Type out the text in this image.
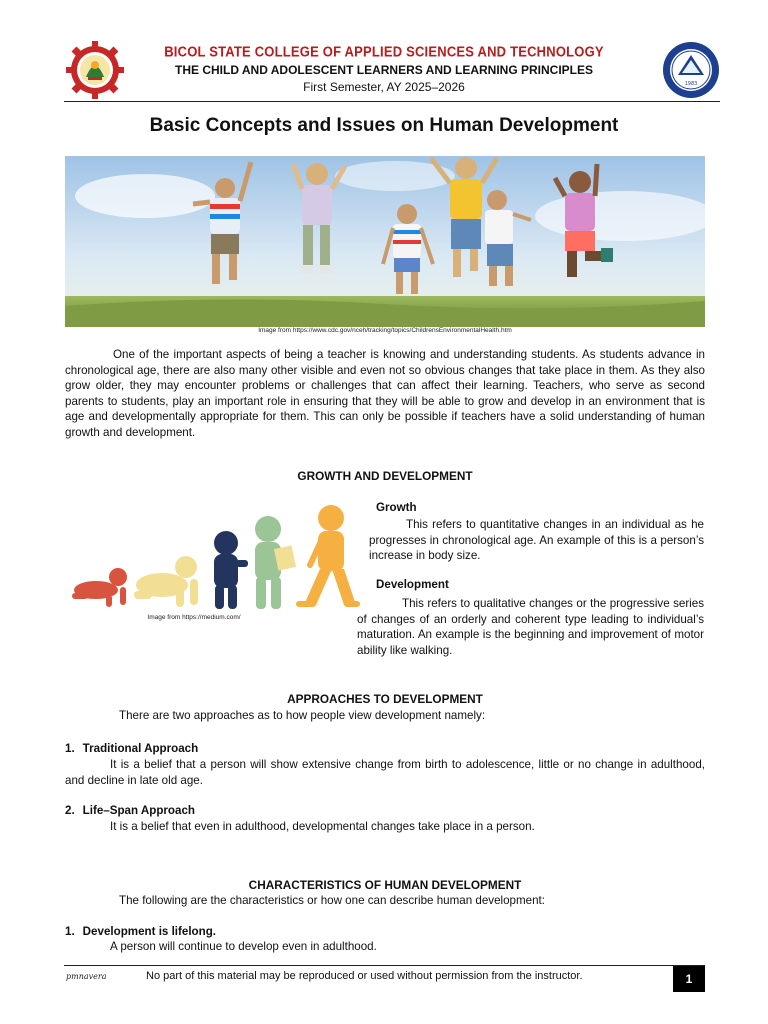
BICOL STATE COLLEGE OF APPLIED SCIENCES AND TECHNOLOGY
THE CHILD AND ADOLESCENT LEARNERS AND LEARNING PRINCIPLES
First Semester, AY 2025–2026	1983
Basic Concepts and Issues on Human Development
Image from https://www.cdc.gov/nceh/tracking/topics/ChildrensEnvironmentalHealth.htm
One of the important aspects of being a teacher is knowing and understanding students. As students advance in chronological age, there are also many other visible and even not so obvious changes that take place in them. As they also grow older, they may encounter problems or challenges that can affect their learning. Teachers, who serve as second parents to students, play an important role in ensuring that they will be able to grow and develop in an environment that is age and developmentally appropriate for them. This can only be possible if teachers have a solid understanding of human growth and development.
GROWTH AND DEVELOPMENT
Image from https://medium.com/
Growth
This refers to quantitative changes in an individual as he progresses in chronological age. An example of this is a person’s increase in body size.
Development
This refers to qualitative changes or the progressive series of changes of an orderly and coherent type leading to individual’s maturation. An example is the beginning and improvement of motor ability like walking.
APPROACHES TO DEVELOPMENT
There are two approaches as to how people view development namely:
1. Traditional Approach
It is a belief that a person will show extensive change from birth to adolescence, little or no change in adulthood, and decline in late old age.
2. Life–Span Approach
It is a belief that even in adulthood, developmental changes take place in a person.
CHARACTERISTICS OF HUMAN DEVELOPMENT
The following are the characteristics or how one can describe human development:
1. Development is lifelong.
A person will continue to develop even in adulthood.
pmnavera	No part of this material may be reproduced or used without permission from the instructor.	1
